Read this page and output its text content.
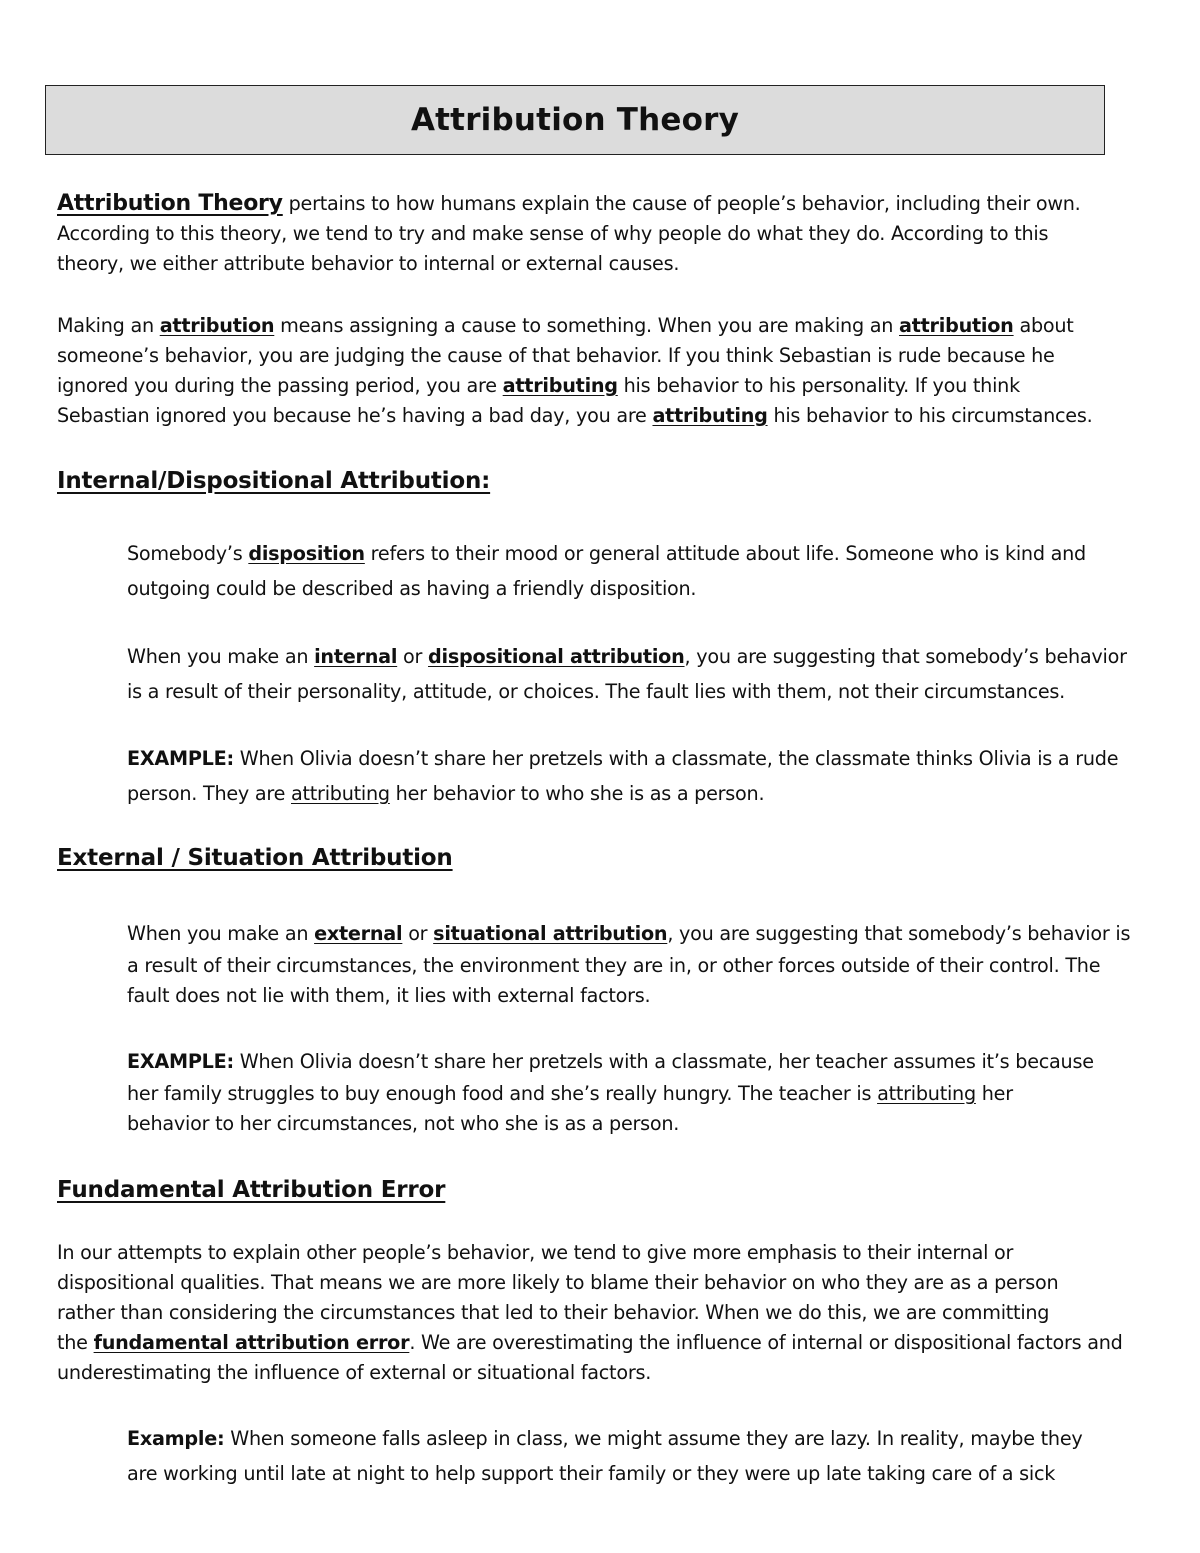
Attribution Theory
Attribution Theory pertains to how humans explain the cause of people’s behavior, including their own.
According to this theory, we tend to try and make sense of why people do what they do. According to this
theory, we either attribute behavior to internal or external causes.
Making an attribution means assigning a cause to something. When you are making an attribution about
someone’s behavior, you are judging the cause of that behavior. If you think Sebastian is rude because he
ignored you during the passing period, you are attributing his behavior to his personality. If you think
Sebastian ignored you because he’s having a bad day, you are attributing his behavior to his circumstances.
Internal/Dispositional Attribution:
Somebody’s disposition refers to their mood or general attitude about life. Someone who is kind and
outgoing could be described as having a friendly disposition.
When you make an internal or dispositional attribution, you are suggesting that somebody’s behavior
is a result of their personality, attitude, or choices. The fault lies with them, not their circumstances.
EXAMPLE: When Olivia doesn’t share her pretzels with a classmate, the classmate thinks Olivia is a rude
person. They are attributing her behavior to who she is as a person.
External / Situation Attribution
When you make an external or situational attribution, you are suggesting that somebody’s behavior is
a result of their circumstances, the environment they are in, or other forces outside of their control. The
fault does not lie with them, it lies with external factors.
EXAMPLE: When Olivia doesn’t share her pretzels with a classmate, her teacher assumes it’s because
her family struggles to buy enough food and she’s really hungry. The teacher is attributing her
behavior to her circumstances, not who she is as a person.
Fundamental Attribution Error
In our attempts to explain other people’s behavior, we tend to give more emphasis to their internal or
dispositional qualities. That means we are more likely to blame their behavior on who they are as a person
rather than considering the circumstances that led to their behavior. When we do this, we are committing
the fundamental attribution error. We are overestimating the influence of internal or dispositional factors and
underestimating the influence of external or situational factors.
Example: When someone falls asleep in class, we might assume they are lazy. In reality, maybe they
are working until late at night to help support their family or they were up late taking care of a sick
